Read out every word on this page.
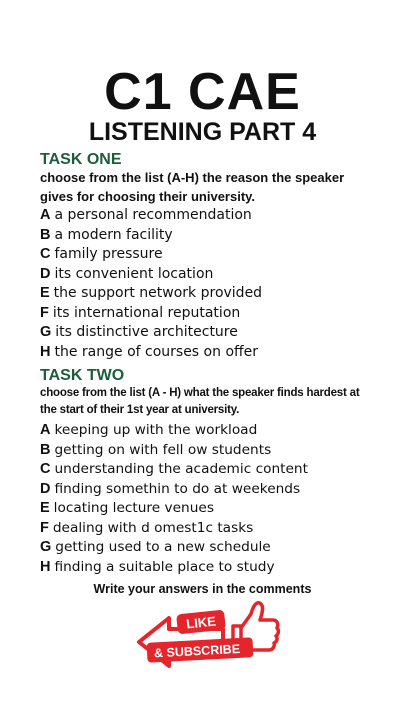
C1 CAE
LISTENING PART 4
TASK ONE
choose from the list (A-H) the reason the speaker gives for choosing their university.
A a personal recommendation
B a modern facility
C family pressure
D its convenient location
E the support network provided
F its international reputation
G its distinctive architecture
H the range of courses on offer
TASK TWO
choose from the list (A - H) what the speaker finds hardest at the start of their 1st year at university.
A keeping up with the workload
B getting on with fell ow students
C understanding the academic content
D finding somethin to do at weekends
E locating lecture venues
F dealing with d omest1c tasks
G getting used to a new schedule
H finding a suitable place to study
Write your answers in the comments
LIKE
& SUBSCRIBE
